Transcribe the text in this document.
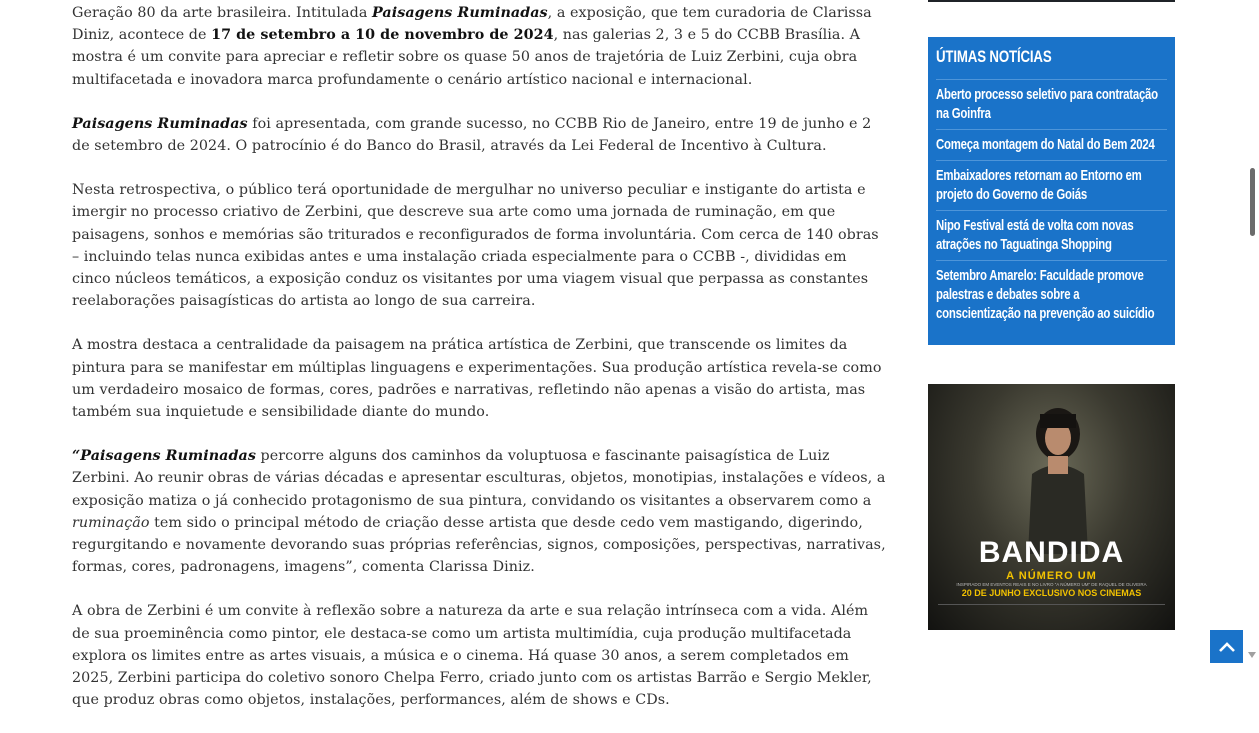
Geração 80 da arte brasileira. Intitulada Paisagens Ruminadas, a exposição, que tem curadoria de Clarissa Diniz, acontece de 17 de setembro a 10 de novembro de 2024, nas galerias 2, 3 e 5 do CCBB Brasília. A mostra é um convite para apreciar e refletir sobre os quase 50 anos de trajetória de Luiz Zerbini, cuja obra multifacetada e inovadora marca profundamente o cenário artístico nacional e internacional.

Paisagens Ruminadas foi apresentada, com grande sucesso, no CCBB Rio de Janeiro, entre 19 de junho e 2 de setembro de 2024. O patrocínio é do Banco do Brasil, através da Lei Federal de Incentivo à Cultura.

Nesta retrospectiva, o público terá oportunidade de mergulhar no universo peculiar e instigante do artista e imergir no processo criativo de Zerbini, que descreve sua arte como uma jornada de ruminação, em que paisagens, sonhos e memórias são triturados e reconfigurados de forma involuntária. Com cerca de 140 obras – incluindo telas nunca exibidas antes e uma instalação criada especialmente para o CCBB -, divididas em cinco núcleos temáticos, a exposição conduz os visitantes por uma viagem visual que perpassa as constantes reelaborações paisagísticas do artista ao longo de sua carreira.

A mostra destaca a centralidade da paisagem na prática artística de Zerbini, que transcende os limites da pintura para se manifestar em múltiplas linguagens e experimentações. Sua produção artística revela-se como um verdadeiro mosaico de formas, cores, padrões e narrativas, refletindo não apenas a visão do artista, mas também sua inquietude e sensibilidade diante do mundo.

“Paisagens Ruminadas percorre alguns dos caminhos da voluptuosa e fascinante paisagística de Luiz Zerbini. Ao reunir obras de várias décadas e apresentar esculturas, objetos, monotipias, instalações e vídeos, a exposição matiza o já conhecido protagonismo de sua pintura, convidando os visitantes a observarem como a ruminação tem sido o principal método de criação desse artista que desde cedo vem mastigando, digerindo, regurgitando e novamente devorando suas próprias referências, signos, composições, perspectivas, narrativas, formas, cores, padronagens, imagens”, comenta Clarissa Diniz.

A obra de Zerbini é um convite à reflexão sobre a natureza da arte e sua relação intrínseca com a vida. Além de sua proeminência como pintor, ele destaca-se como um artista multimídia, cuja produção multifacetada explora os limites entre as artes visuais, a música e o cinema. Há quase 30 anos, a serem completados em 2025, Zerbini participa do coletivo sonoro Chelpa Ferro, criado junto com os artistas Barrão e Sergio Mekler, que produz obras como objetos, instalações, performances, além de shows e CDs.

ÚTIMAS NOTÍCIAS
Aberto processo seletivo para contratação na Goinfra
Começa montagem do Natal do Bem 2024
Embaixadores retornam ao Entorno em projeto do Governo de Goiás
Nipo Festival está de volta com novas atrações no Taguatinga Shopping
Setembro Amarelo: Faculdade promove palestras e debates sobre a conscientização na prevenção ao suicídio
BANDIDA
A NÚMERO UM
INSPIRADO EM EVENTOS REAIS E NO LIVRO “A NÚMERO UM” DE RAQUEL DE OLIVEIRA
20 DE JUNHO EXCLUSIVO NOS CINEMAS
